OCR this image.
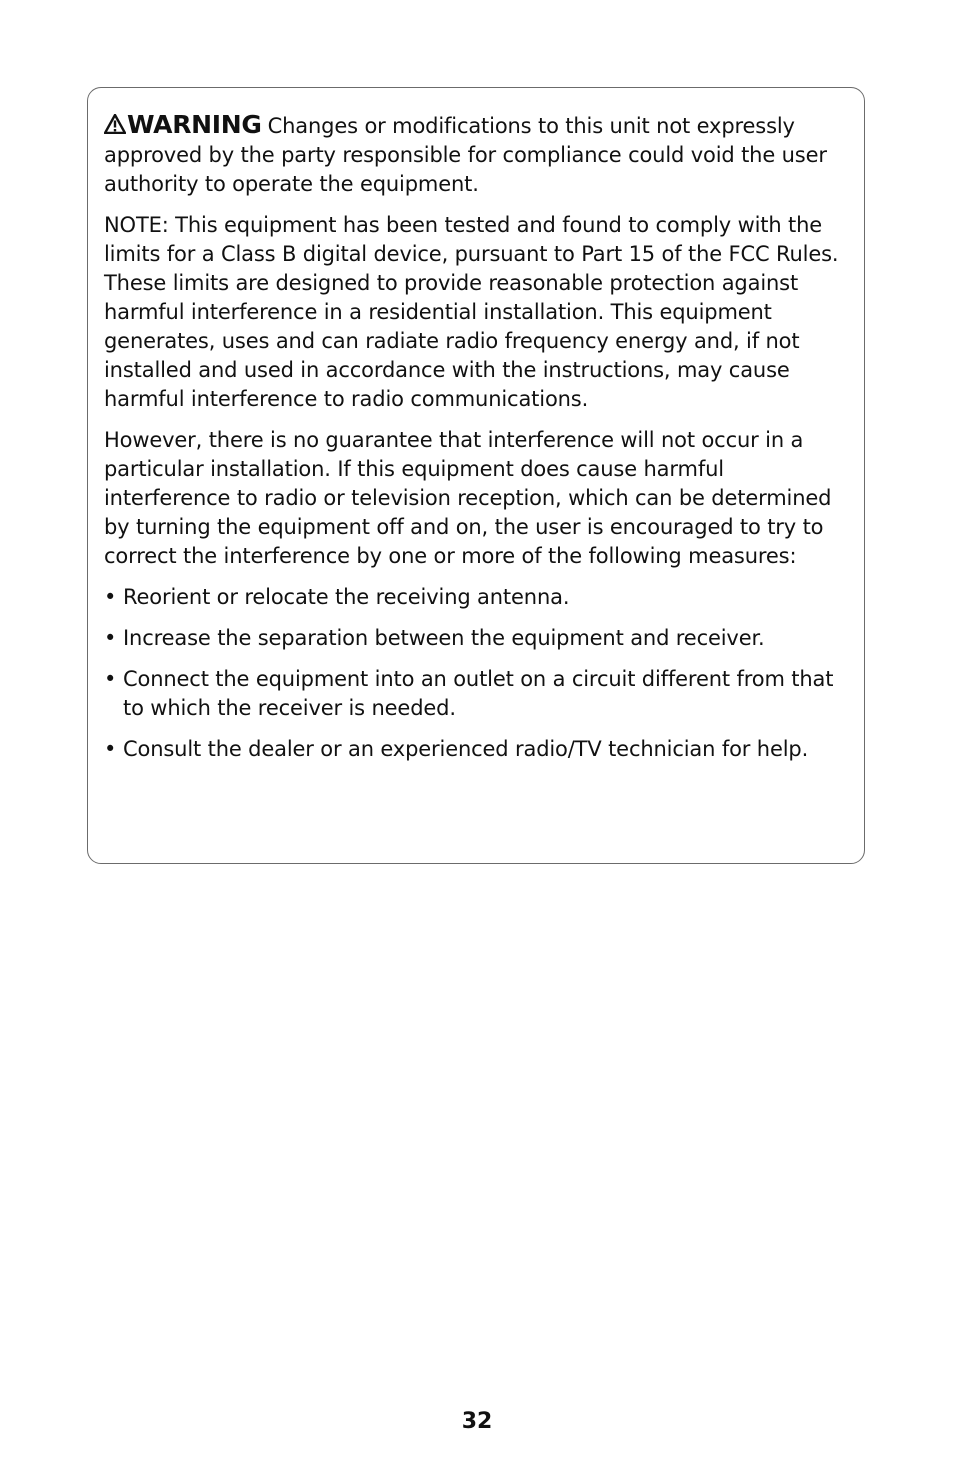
WARNING Changes or modifications to this unit not expressly approved by the party responsible for compliance could void the user authority to operate the equipment.

NOTE: This equipment has been tested and found to comply with the limits for a Class B digital device, pursuant to Part 15 of the FCC Rules. These limits are designed to provide reasonable protection against harmful interference in a residential installation. This equipment generates, uses and can radiate radio frequency energy and, if not installed and used in accordance with the instructions, may cause harmful interference to radio communications.

However, there is no guarantee that interference will not occur in a particular installation. If this equipment does cause harmful interference to radio or television reception, which can be determined by turning the equipment off and on, the user is encouraged to try to correct the interference by one or more of the following measures:

• Reorient or relocate the receiving antenna.
• Increase the separation between the equipment and receiver.
• Connect the equipment into an outlet on a circuit different from that to which the receiver is needed.
• Consult the dealer or an experienced radio/TV technician for help.
32
